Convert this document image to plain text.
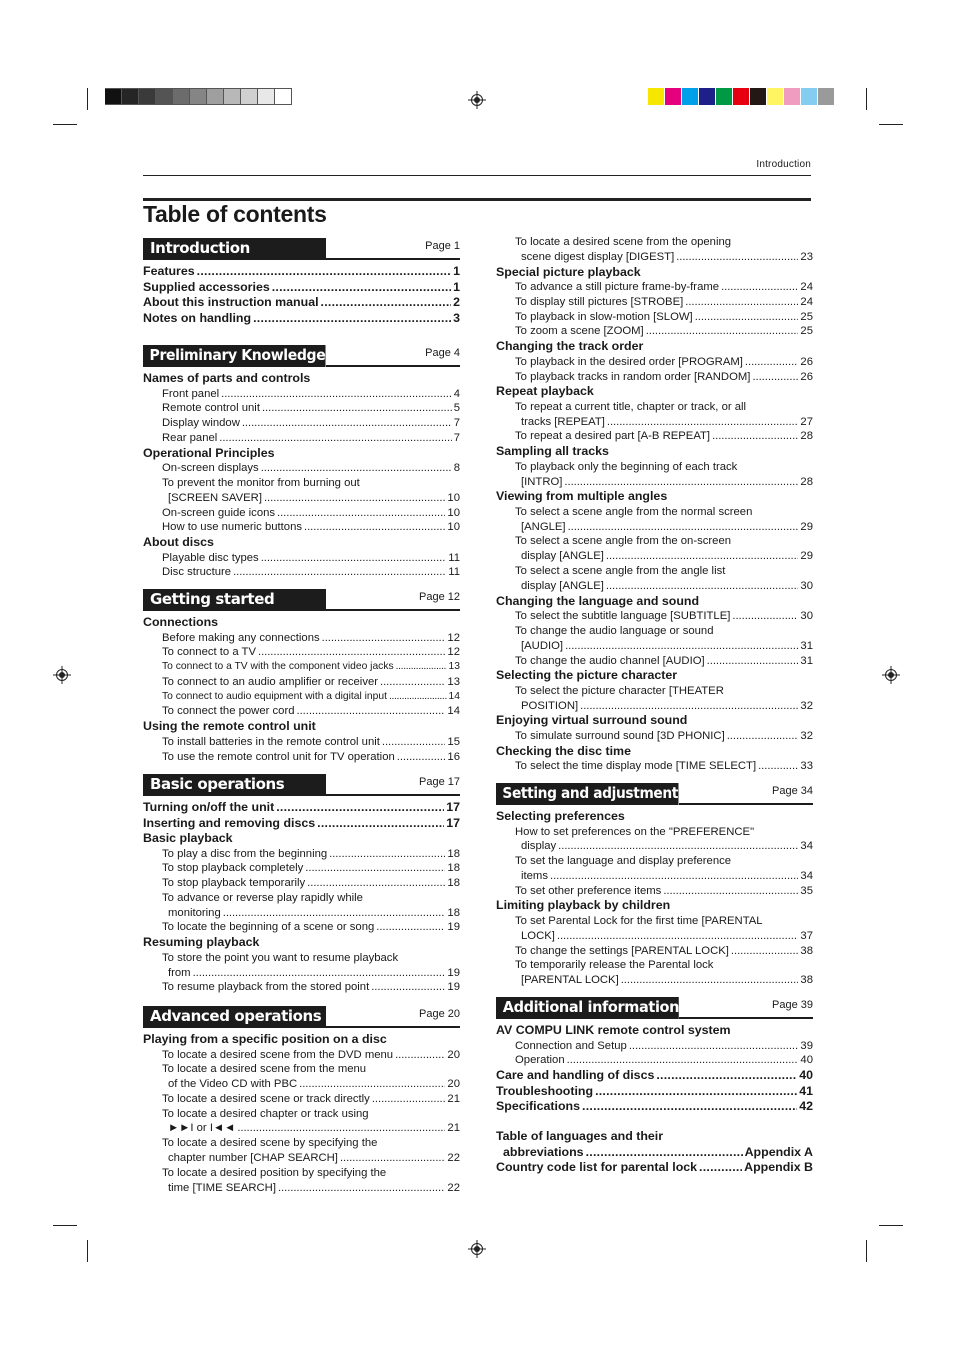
Introduction
Table of contents
Introduction	Page 1
Features . . .	1
Supplied accessories . . .	1
About this instruction manual . . .	2
Notes on handling . . .	3
Preliminary Knowledge	Page 4
Names of parts and controls
Front panel . . .	4
Remote control unit . . .	5
Display window . . .	7
Rear panel . . .	7
Operational Principles
On-screen displays . . .	8
To prevent the monitor from burning out
[SCREEN SAVER] . . .	10
On-screen guide icons . . .	10
How to use numeric buttons . . .	10
About discs
Playable disc types . . .	11
Disc structure . . .	11
Getting started	Page 12
Connections
Before making any connections . . .	12
To connect to a TV . . .	12
To connect to a TV with the component video jacks . . .	13
To connect to an audio amplifier or receiver . . .	13
To connect to audio equipment with a digital input . . .	14
To connect the power cord . . .	14
Using the remote control unit
To install batteries in the remote control unit . . .	15
To use the remote control unit for TV operation . . .	16
Basic operations	Page 17
Turning on/off the unit . . .	17
Inserting and removing discs . . .	17
Basic playback
To play a disc from the beginning . . .	18
To stop playback completely . . .	18
To stop playback temporarily . . .	18
To advance or reverse play rapidly while
monitoring . . .	18
To locate the beginning of a scene or song . . .	19
Resuming playback
To store the point you want to resume playback
from . . .	19
To resume playback from the stored point . . .	19
Advanced operations	Page 20
Playing from a specific position on a disc
To locate a desired scene from the DVD menu . . .	20
To locate a desired scene from the menu
of the Video CD with PBC . . .	20
To locate a desired scene or track directly . . .	21
To locate a desired chapter or track using
►►I or I◄◄ . . .	21
To locate a desired scene by specifying the
chapter number [CHAP SEARCH] . . .	22
To locate a desired position by specifying the
time [TIME SEARCH] . . .	22
To locate a desired scene from the opening
scene digest display [DIGEST] . . .	23
Special picture playback
To advance a still picture frame-by-frame . . .	24
To display still pictures [STROBE] . . .	24
To playback in slow-motion [SLOW] . . .	25
To zoom a scene [ZOOM] . . .	25
Changing the track order
To playback in the desired order [PROGRAM] . . .	26
To playback tracks in random order [RANDOM] . . .	26
Repeat playback
To repeat a current title, chapter or track, or all
tracks [REPEAT] . . .	27
To repeat a desired part [A-B REPEAT] . . .	28
Sampling all tracks
To playback only the beginning of each track
[INTRO] . . .	28
Viewing from multiple angles
To select a scene angle from the normal screen
[ANGLE] . . .	29
To select a scene angle from the on-screen
display [ANGLE] . . .	29
To select a scene angle from the angle list
display [ANGLE] . . .	30
Changing the language and sound
To select the subtitle language [SUBTITLE] . . .	30
To change the audio language or sound
[AUDIO] . . .	31
To change the audio channel [AUDIO] . . .	31
Selecting the picture character
To select the picture character [THEATER
POSITION] . . .	32
Enjoying virtual surround sound
To simulate surround sound [3D PHONIC] . . .	32
Checking the disc time
To select the time display mode [TIME SELECT] . . .	33
Setting and adjustment	Page 34
Selecting preferences
How to set preferences on the "PREFERENCE"
display . . .	34
To set the language and display preference
items . . .	34
To set other preference items . . .	35
Limiting playback by children
To set Parental Lock for the first time [PARENTAL
LOCK] . . .	37
To change the settings [PARENTAL LOCK] . . .	38
To temporarily release the Parental lock
[PARENTAL LOCK] . . .	38
Additional information	Page 39
AV COMPU LINK remote control system
Connection and Setup . . .	39
Operation . . .	40
Care and handling of discs . . .	40
Troubleshooting . . .	41
Specifications . . .	42
Table of languages and their
abbreviations . . .	Appendix A
Country code list for parental lock . . .	Appendix B
